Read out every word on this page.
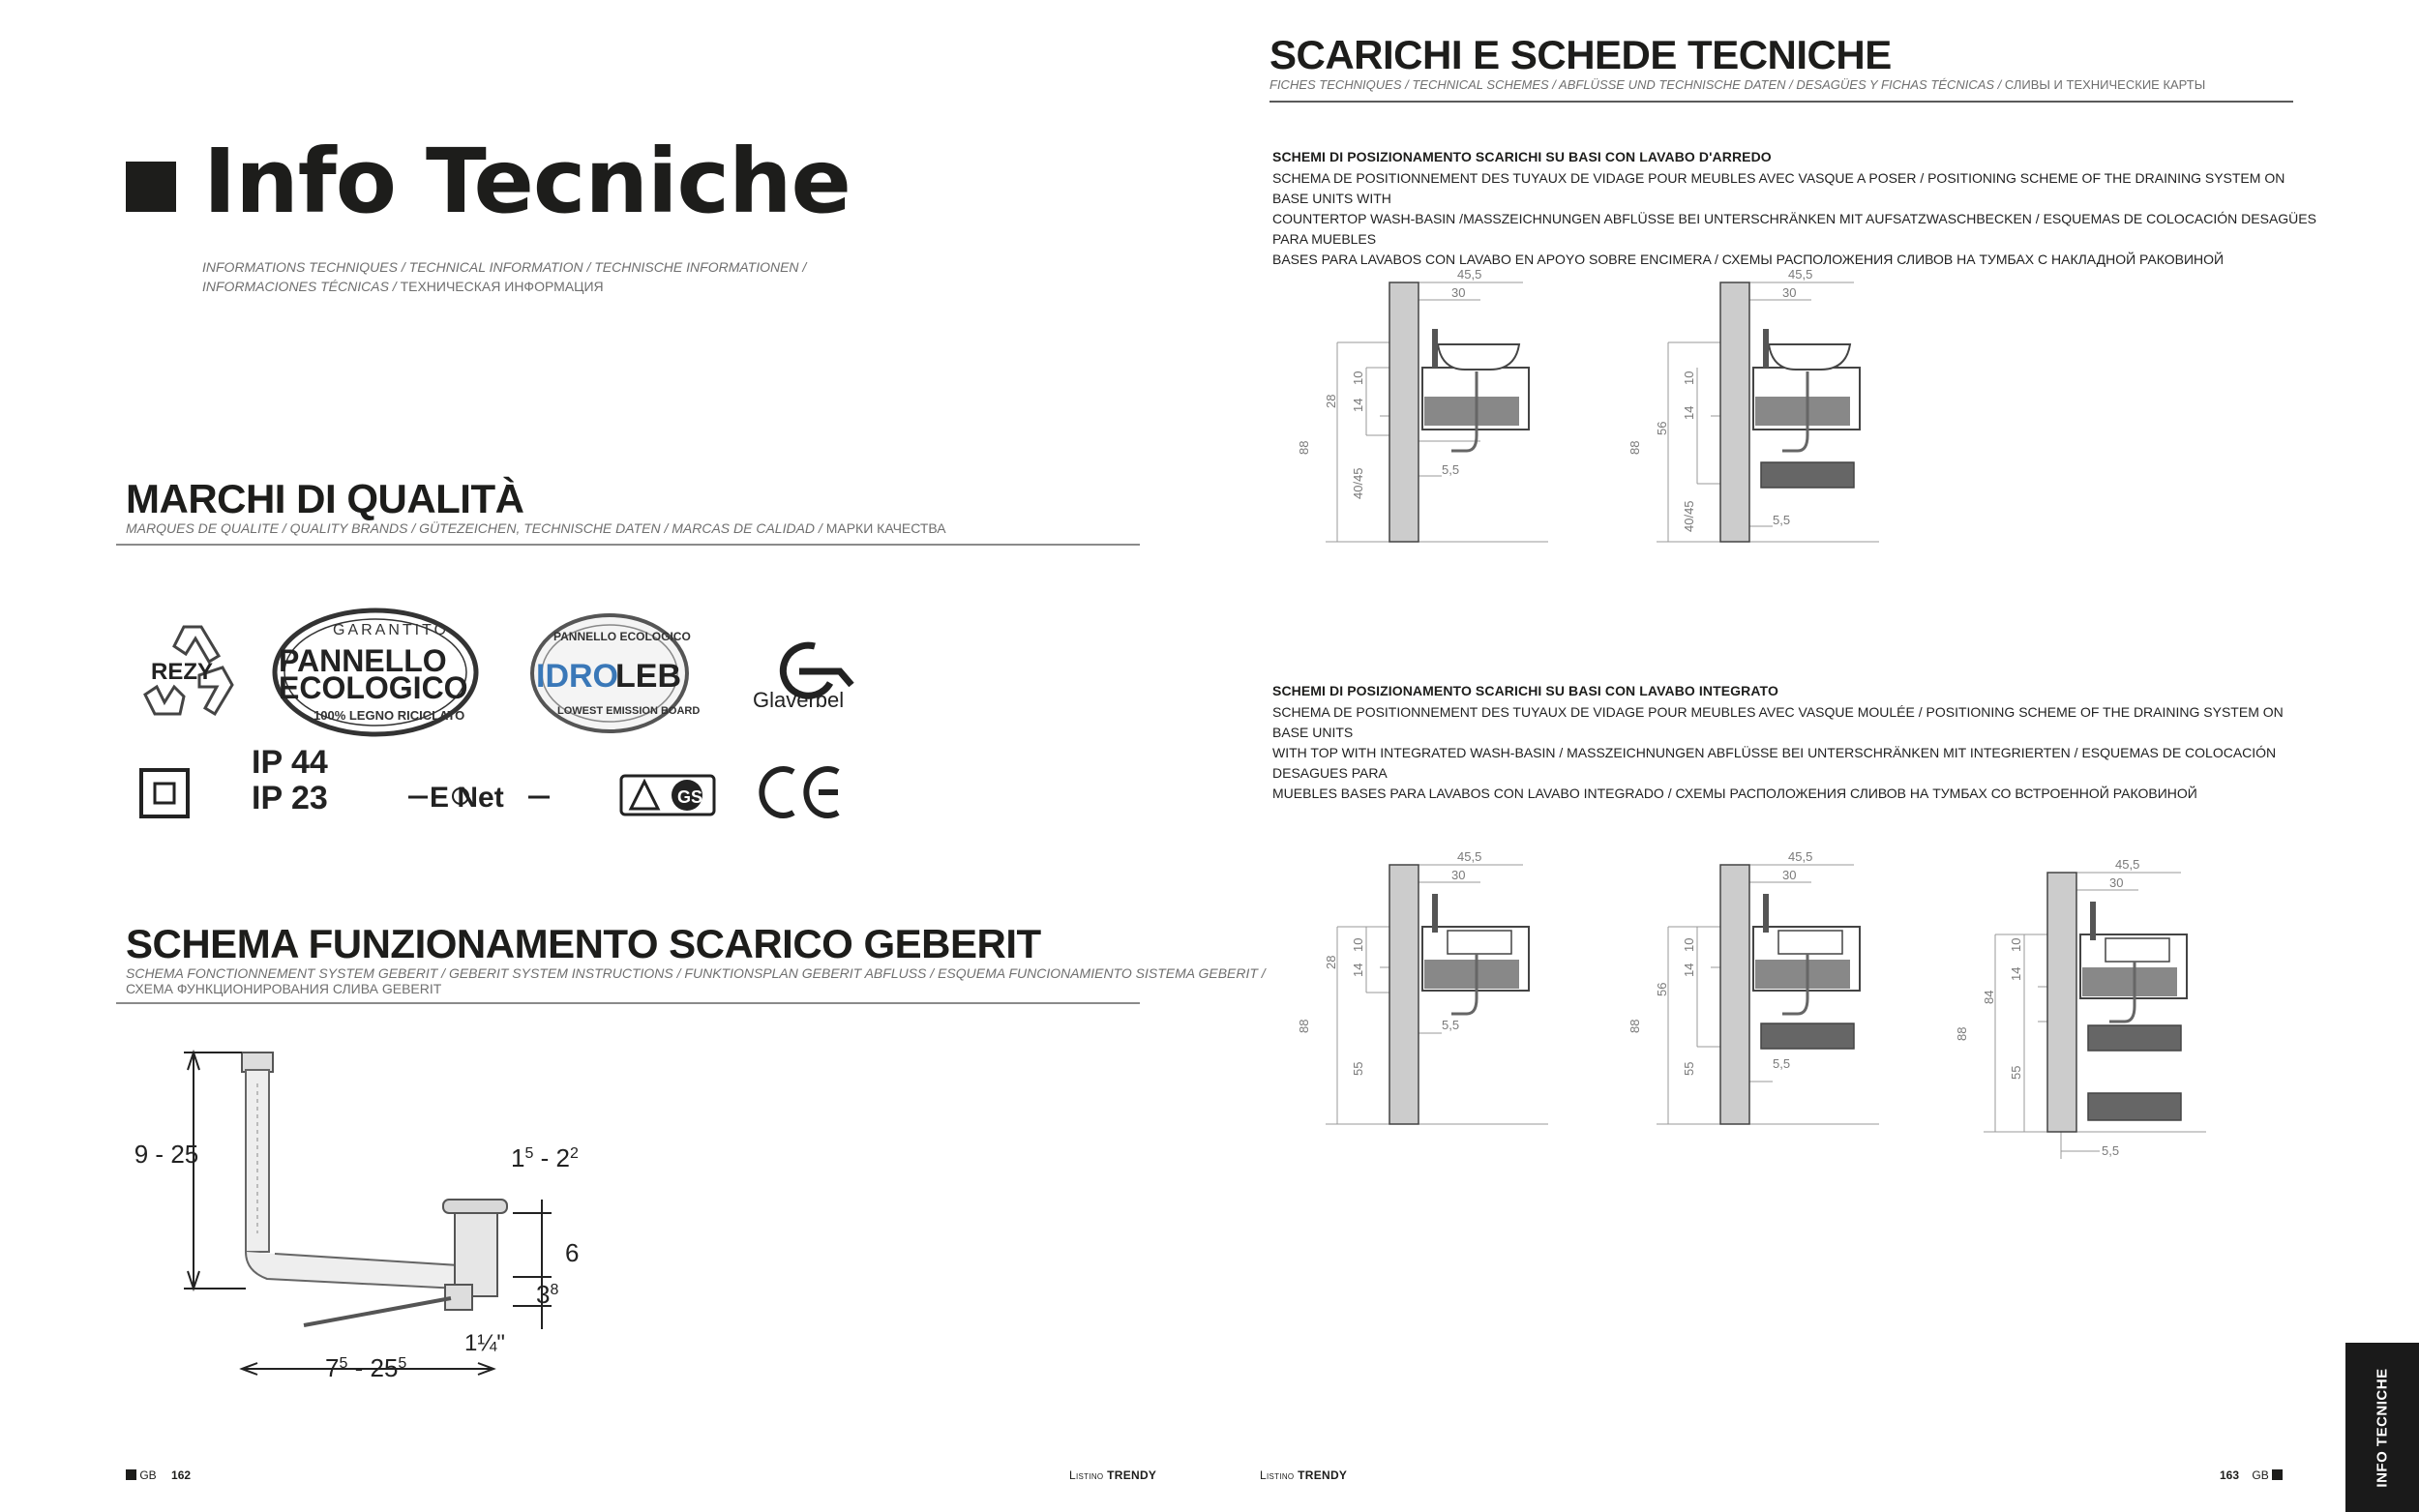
Info Tecniche
INFORMATIONS TECHNIQUES / TECHNICAL INFORMATION / TECHNISCHE INFORMATIONEN /
INFORMACIONES TÉCNICAS / ТЕХНИЧЕСКАЯ ИНФОРМАЦИЯ
MARCHI DI QUALITÀ
MARQUES DE QUALITE / QUALITY BRANDS / GÜTEZEICHEN, TECHNISCHE DATEN / MARCAS DE CALIDAD / МАРКИ КАЧЕСТВА
REZY
GARANTITO
PANNELLO
ECOLOGICO
100% LEGNO RICICLATO
PANNELLO ECOLOGICO
IDRO
LEB
LOWEST EMISSION BOARD Glaverbel
IP 44
IP 23	E Net	GS
SCHEMA FUNZIONAMENTO SCARICO GEBERIT
SCHEMA FONCTIONNEMENT SYSTEM GEBERIT / GEBERIT SYSTEM INSTRUCTIONS / FUNKTIONSPLAN GEBERIT ABFLUSS / ESQUEMA FUNCIONAMIENTO SISTEMA GEBERIT /
СХЕМА ФУНКЦИОНИРОВАНИЯ СЛИВА GEBERIT
9 - 25	$1^5 - 2^2$
6
$3^8$
1¼"
$7^5 - 25^5$
GB 162	Listino TRENDY
SCARICHI E SCHEDE TECNICHE
FICHES TECHNIQUES / TECHNICAL SCHEMES / ABFLÜSSE UND TECHNISCHE DATEN / DESAGÜES Y FICHAS TÉCNICAS / СЛИВЫ И ТЕХНИЧЕСКИЕ КАРТЫ
SCHEMI DI POSIZIONAMENTO SCARICHI SU BASI CON LAVABO D'ARREDO
SCHEMA DE POSITIONNEMENT DES TUYAUX DE VIDAGE POUR MEUBLES AVEC VASQUE A POSER / POSITIONING SCHEME OF THE DRAINING SYSTEM ON BASE UNITS WITH
COUNTERTOP WASH-BASIN /MASSZEICHNUNGEN ABFLÜSSE BEI UNTERSCHRÄNKEN MIT AUFSATZWASCHBECKEN / ESQUEMAS DE COLOCACIÓN DESAGÜES PARA MUEBLES
BASES PARA LAVABOS CON LAVABO EN APOYO SOBRE ENCIMERA / СХЕМЫ РАСПОЛОЖЕНИЯ СЛИВОВ НА ТУМБАХ С НАКЛАДНОЙ РАКОВИНОЙ
SCHEMI DI POSIZIONAMENTO SCARICHI SU BASI CON LAVABO INTEGRATO
SCHEMA DE POSITIONNEMENT DES TUYAUX DE VIDAGE POUR MEUBLES AVEC VASQUE MOULÉE / POSITIONING SCHEME OF THE DRAINING SYSTEM ON BASE UNITS
WITH TOP WITH INTEGRATED WASH-BASIN / MASSZEICHNUNGEN ABFLÜSSE BEI UNTERSCHRÄNKEN MIT INTEGRIERTEN / ESQUEMAS DE COLOCACIÓN DESAGUES PARA
MUEBLES BASES PARA LAVABOS CON LAVABO INTEGRADO / СХЕМЫ РАСПОЛОЖЕНИЯ СЛИВОВ НА ТУМБАХ СО ВСТРОЕННОЙ РАКОВИНОЙ
45,5
30
88
28 14
10
40/45	5,5
45,5
30
88
56
14
10
40/45	5,5
45,5
30
88
28
14
10
55
5,5
45,5
30
88
56
14
10
55	5,5
45,5
30
88
84
14
10
55
5,5
Listino TRENDY	163 GB	INFO TECNICHE
